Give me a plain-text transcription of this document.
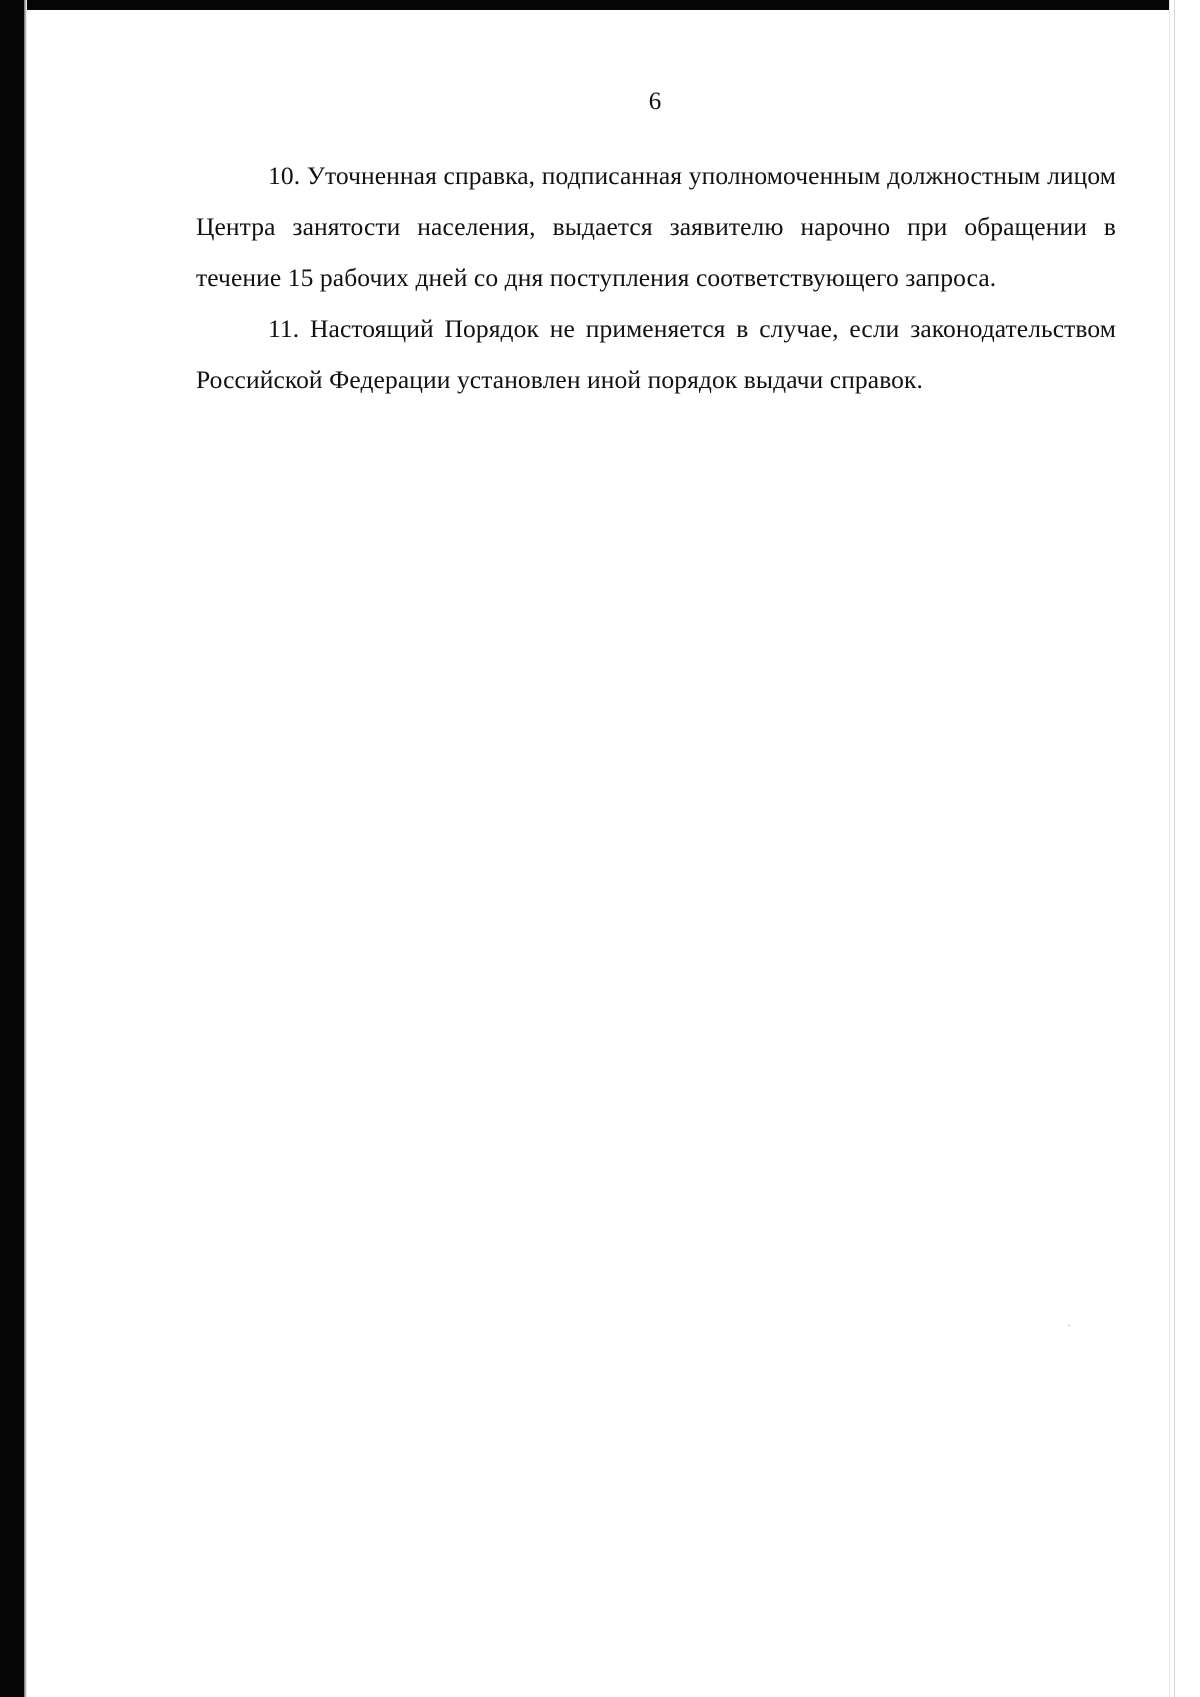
6

10. Уточненная справка, подписанная уполномоченным должностным лицом Центра занятости населения, выдается заявителю нарочно при обращении в течение 15 рабочих дней со дня поступления соответствующего запроса.

11. Настоящий Порядок не применяется в случае, если законодательством Российской Федерации установлен иной порядок выдачи справок.
